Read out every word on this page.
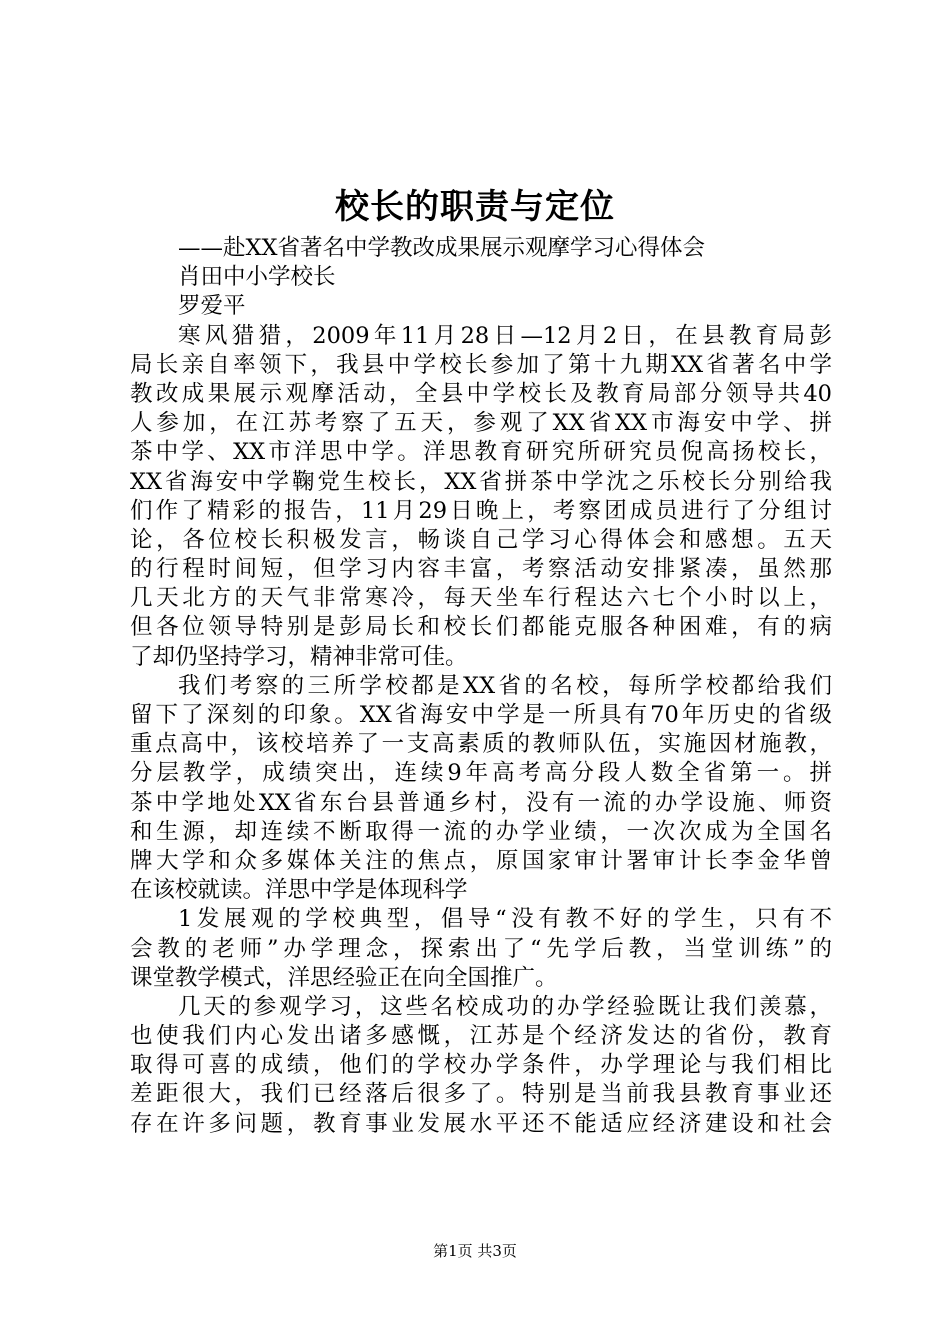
校长的职责与定位
——赴XX省著名中学教改成果展示观摩学习心得体会
肖田中小学校长
罗爱平
寒风猎猎，2009年11月28日—12月2日，在县教育局彭
局长亲自率领下，我县中学校长参加了第十九期XX省著名中学
教改成果展示观摩活动，全县中学校长及教育局部分领导共40
人参加，在江苏考察了五天，参观了XX省XX市海安中学、拼
茶中学、XX市洋思中学。洋思教育研究所研究员倪高扬校长，
XX省海安中学鞠党生校长，XX省拼茶中学沈之乐校长分别给我
们作了精彩的报告，11月29日晚上，考察团成员进行了分组讨
论，各位校长积极发言，畅谈自己学习心得体会和感想。五天
的行程时间短，但学习内容丰富，考察活动安排紧凑，虽然那
几天北方的天气非常寒冷，每天坐车行程达六七个小时以上，
但各位领导特别是彭局长和校长们都能克服各种困难，有的病
了却仍坚持学习，精神非常可佳。
我们考察的三所学校都是XX省的名校，每所学校都给我们
留下了深刻的印象。XX省海安中学是一所具有70年历史的省级
重点高中，该校培养了一支高素质的教师队伍，实施因材施教，
分层教学，成绩突出，连续9年高考高分段人数全省第一。拼
茶中学地处XX省东台县普通乡村，没有一流的办学设施、师资
和生源，却连续不断取得一流的办学业绩，一次次成为全国名
牌大学和众多媒体关注的焦点，原国家审计署审计长李金华曾
在该校就读。洋思中学是体现科学
1发展观的学校典型，倡导“没有教不好的学生，只有不
会教的老师”办学理念，探索出了“先学后教，当堂训练”的
课堂教学模式，洋思经验正在向全国推广。
几天的参观学习，这些名校成功的办学经验既让我们羡慕，
也使我们内心发出诸多感慨，江苏是个经济发达的省份，教育
取得可喜的成绩，他们的学校办学条件，办学理论与我们相比
差距很大，我们已经落后很多了。特别是当前我县教育事业还
存在许多问题，教育事业发展水平还不能适应经济建设和社会
第1页 共3页
